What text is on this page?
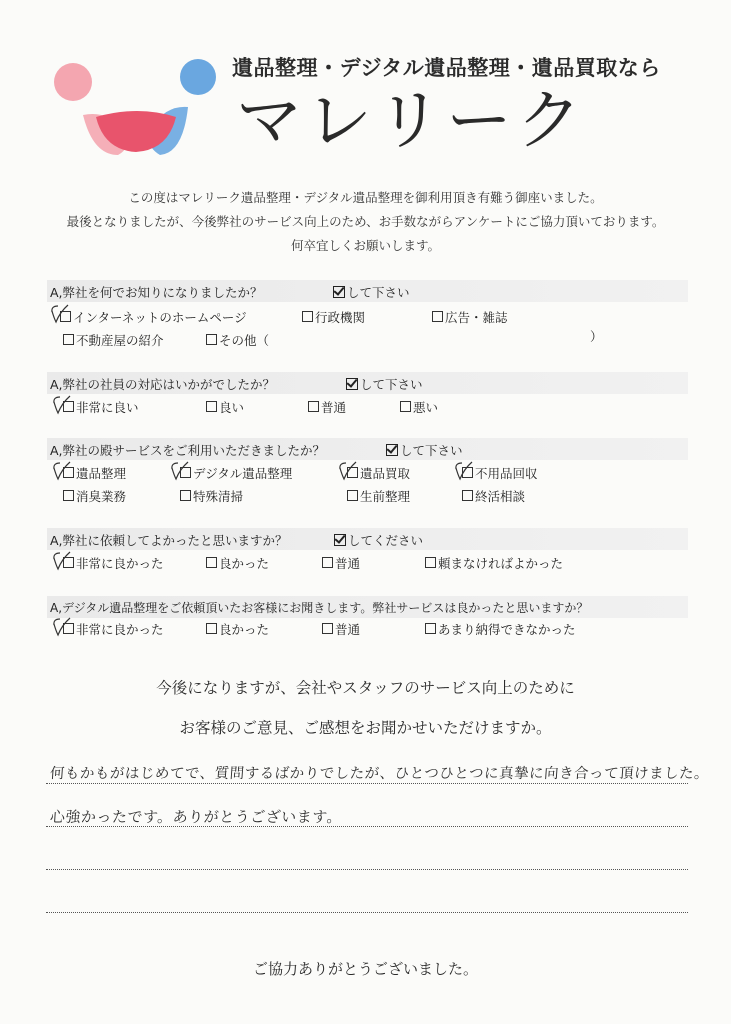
遺品整理・デジタル遺品整理・遺品買取なら
マレリーク
この度はマレリーク遺品整理・デジタル遺品整理を御利用頂き有難う御座いました。
最後となりましたが、今後弊社のサービス向上のため、お手数ながらアンケートにご協力頂いております。
何卒宜しくお願いします。
A,弊社を何でお知りになりましたか？	して下さい
インターネットのホームページ	行政機関	広告・雑誌
不動産屋の紹介	その他（	）
A,弊社の社員の対応はいかがでしたか？	して下さい
非常に良い	良い	普通	悪い
A,弊社の殿サービスをご利用いただきましたか？	して下さい
遺品整理	デジタル遺品整理	遺品買取	不用品回収
消臭業務	特殊清掃	生前整理	終活相談
A,弊社に依頼してよかったと思いますか？	してください
非常に良かった	良かった	普通	頼まなければよかった
A,デジタル遺品整理をご依頼頂いたお客様にお聞きします。弊社サービスは良かったと思いますか？
非常に良かった	良かった	普通	あまり納得できなかった
今後になりますが、会社やスタッフのサービス向上のために
お客様のご意見、ご感想をお聞かせいただけますか。
何もかもがはじめてで、質問するばかりでしたが、ひとつひとつに真摯に向き合って頂けました。
心強かったです。ありがとうございます。
ご協力ありがとうございました。
